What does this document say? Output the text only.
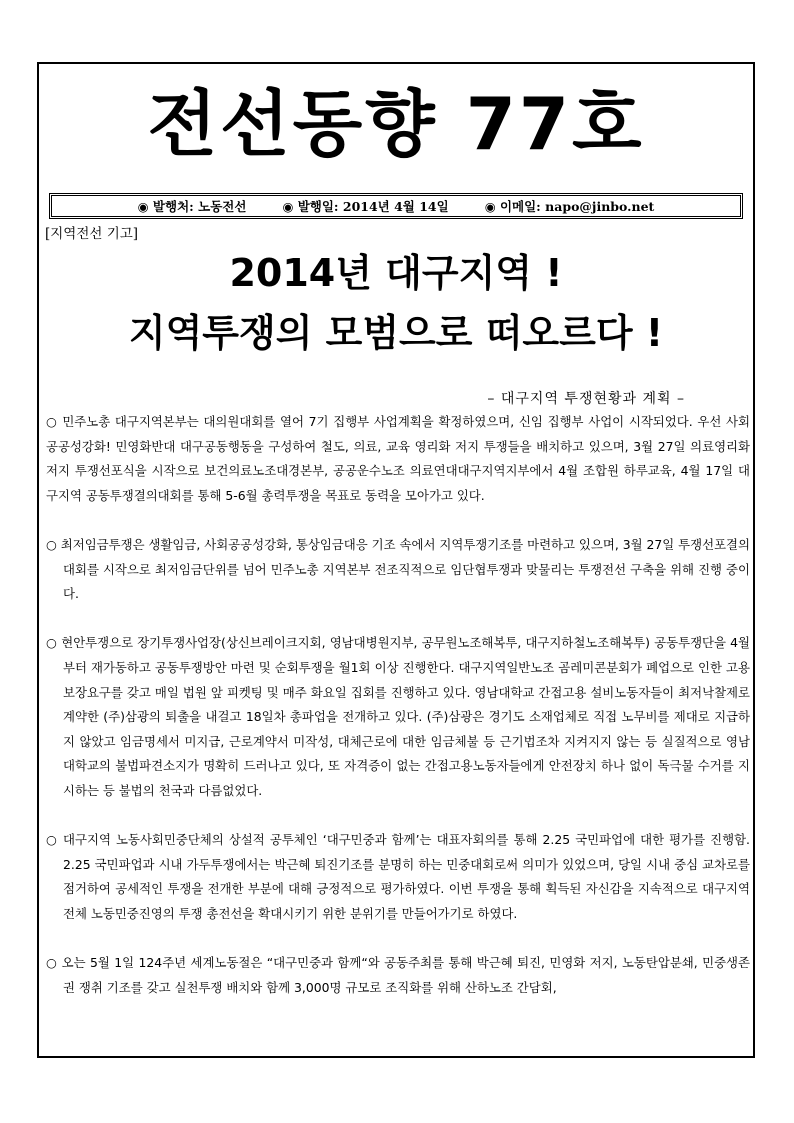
전선동향 77호
◉ 발행처: 노동전선	◉ 발행일: 2014년 4월 14일	◉ 이메일: napo@jinbo.net
[지역전선 기고]
2014년 대구지역 !
지역투쟁의 모범으로 떠오르다 !
– 대구지역 투쟁현황과 계획 –

○ 민주노총 대구지역본부는 대의원대회를 열어 7기 집행부 사업계획을 확정하였으며, 신임 집행부 사업이 시작되었다. 우선 사회공공성강화! 민영화반대 대구공동행동을 구성하여 철도, 의료, 교육 영리화 저지 투쟁들을 배치하고 있으며, 3월 27일 의료영리화 저지 투쟁선포식을 시작으로 보건의료노조대경본부, 공공운수노조 의료연대대구지역지부에서 4월 조합원 하루교육, 4월 17일 대구지역 공동투쟁결의대회를 통해 5-6월 총력투쟁을 목표로 동력을 모아가고 있다.

○ 최저임금투쟁은 생활임금, 사회공공성강화, 통상임금대응 기조 속에서 지역투쟁기조를 마련하고 있으며, 3월 27일 투쟁선포결의대회를 시작으로 최저임금단위를 넘어 민주노총 지역본부 전조직적으로 임단협투쟁과 맞물리는 투쟁전선 구축을 위해 진행 중이다.

○ 현안투쟁으로 장기투쟁사업장(상신브레이크지회, 영남대병원지부, 공무원노조해복투, 대구지하철노조해복투) 공동투쟁단을 4월부터 재가동하고 공동투쟁방안 마련 및 순회투쟁을 월1회 이상 진행한다. 대구지역일반노조 곰레미콘분회가 폐업으로 인한 고용보장요구를 갖고 매일 법원 앞 피켓팅 및 매주 화요일 집회를 진행하고 있다. 영남대학교 간접고용 설비노동자들이 최저낙찰제로 계약한 (주)삼광의 퇴출을 내걸고 18일차 총파업을 전개하고 있다. (주)삼광은 경기도 소재업체로 직접 노무비를 제대로 지급하지 않았고 임금명세서 미지급, 근로계약서 미작성, 대체근로에 대한 임금체불 등 근기법조차 지켜지지 않는 등 실질적으로 영남대학교의 불법파견소지가 명확히 드러나고 있다, 또 자격증이 없는 간접고용노동자들에게 안전장치 하나 없이 독극물 수거를 지시하는 등 불법의 천국과 다름없었다.

○ 대구지역 노동사회민중단체의 상설적 공투체인 ‘대구민중과 함께’는 대표자회의를 통해 2.25 국민파업에 대한 평가를 진행함. 2.25 국민파업과 시내 가두투쟁에서는 박근혜 퇴진기조를 분명히 하는 민중대회로써 의미가 있었으며, 당일 시내 중심 교차로를 점거하여 공세적인 투쟁을 전개한 부분에 대해 긍정적으로 평가하였다. 이번 투쟁을 통해 획득된 자신감을 지속적으로 대구지역 전체 노동민중진영의 투쟁 총전선을 확대시키기 위한 분위기를 만들어가기로 하였다.

○ 오는 5월 1일 124주년 세계노동절은 “대구민중과 함께“와 공동주최를 통해 박근혜 퇴진, 민영화 저지, 노동탄압분쇄, 민중생존권 쟁취 기조를 갖고 실천투쟁 배치와 함께 3,000명 규모로 조직화를 위해 산하노조 간담회,
